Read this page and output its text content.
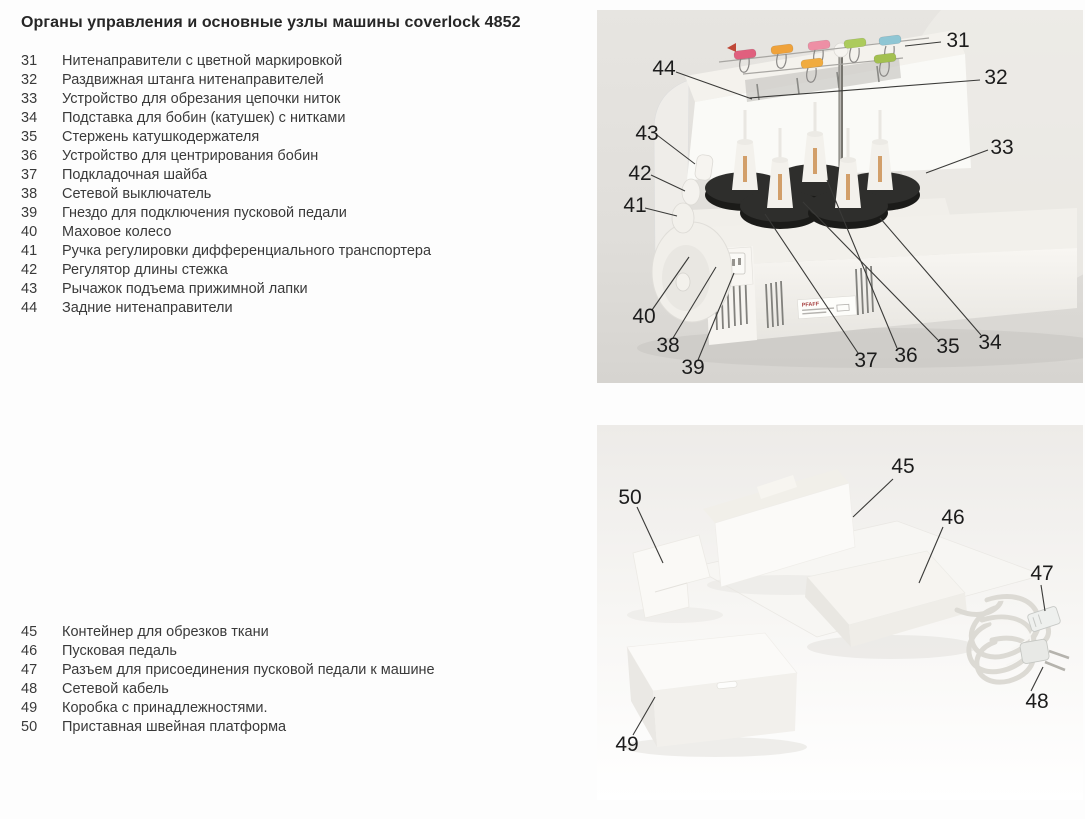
Органы управления и основные узлы машины coverlock 4852
31	Нитенаправители с цветной маркировкой
32	Раздвижная штанга нитенаправителей
33	Устройство для обрезания цепочки ниток
34	Подставка для бобин (катушек) с нитками
35	Стержень катушкодержателя
36	Устройство для центрирования бобин
37	Подкладочная шайба
38	Сетевой выключатель
39	Гнездо для подключения пусковой педали
40	Маховое колесо
41	Ручка регулировки дифференциального транспортера
42	Регулятор длины стежка
43	Рычажок подъема прижимной лапки
44	Задние нитенаправители
45	Контейнер для обрезков ткани
46	Пусковая педаль
47	Разъем для присоединения пусковой педали к машине
48	Сетевой кабель
49	Коробка с принадлежностями.
50	Приставная швейная платформа
PFAFF
31
32
33
34
35
36
37
38
39
40
41
42
43
44
45
46
47
48
49
50
